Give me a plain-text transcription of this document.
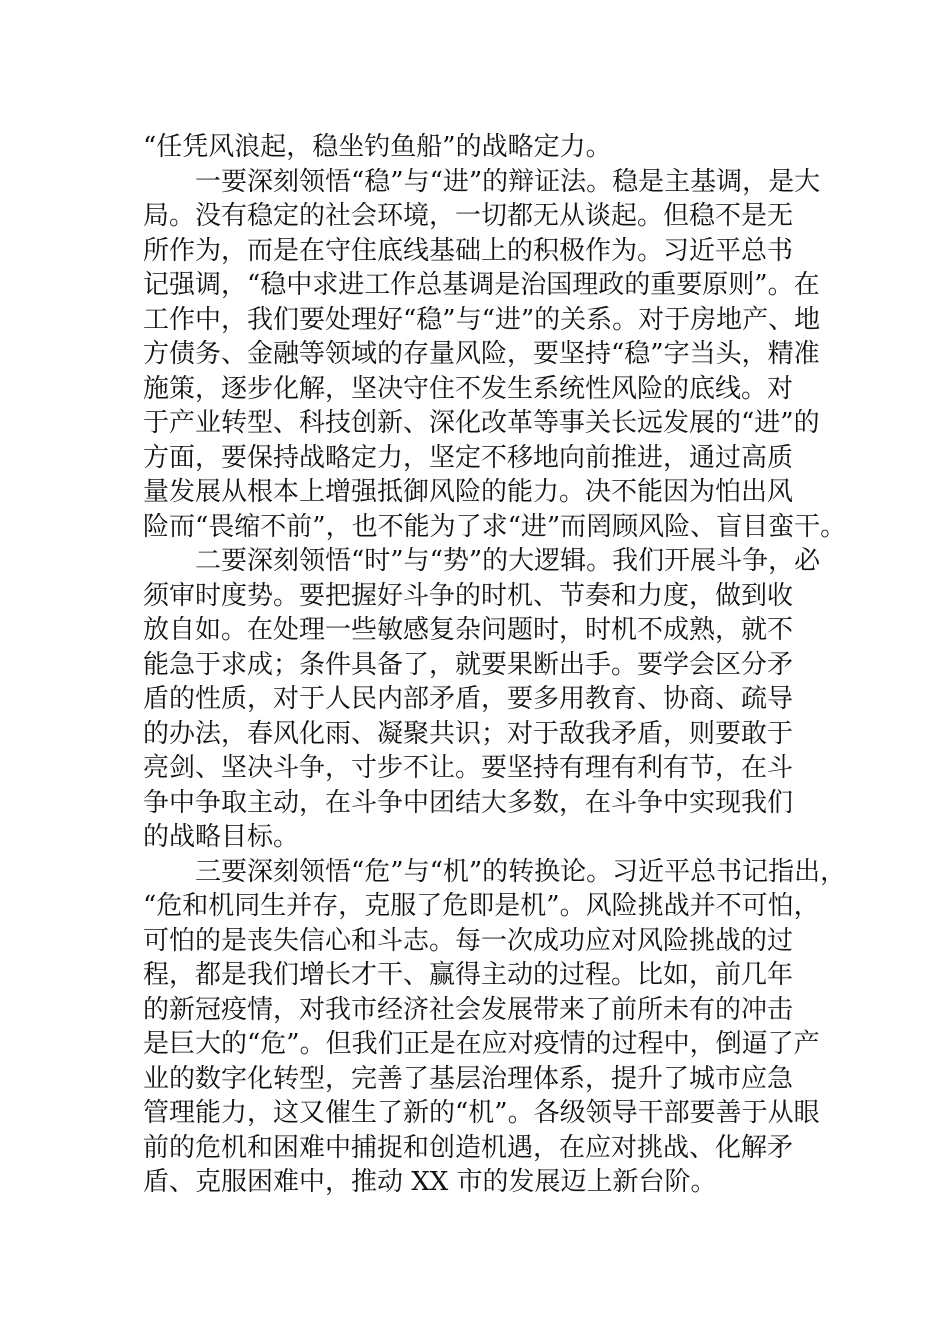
“任凭风浪起，稳坐钓鱼船”的战略定力。
一要深刻领悟“稳”与“进”的辩证法。稳是主基调，是大
局。没有稳定的社会环境，一切都无从谈起。但稳不是无
所作为，而是在守住底线基础上的积极作为。习近平总书
记强调，“稳中求进工作总基调是治国理政的重要原则”。在
工作中，我们要处理好“稳”与“进”的关系。对于房地产、地
方债务、金融等领域的存量风险，要坚持“稳”字当头，精准
施策，逐步化解，坚决守住不发生系统性风险的底线。对
于产业转型、科技创新、深化改革等事关长远发展的“进”的
方面，要保持战略定力，坚定不移地向前推进，通过高质
量发展从根本上增强抵御风险的能力。决不能因为怕出风
险而“畏缩不前”，也不能为了求“进”而罔顾风险、盲目蛮干。
二要深刻领悟“时”与“势”的大逻辑。我们开展斗争，必
须审时度势。要把握好斗争的时机、节奏和力度，做到收
放自如。在处理一些敏感复杂问题时，时机不成熟，就不
能急于求成；条件具备了，就要果断出手。要学会区分矛
盾的性质，对于人民内部矛盾，要多用教育、协商、疏导
的办法，春风化雨、凝聚共识；对于敌我矛盾，则要敢于
亮剑、坚决斗争，寸步不让。要坚持有理有利有节，在斗
争中争取主动，在斗争中团结大多数，在斗争中实现我们
的战略目标。
三要深刻领悟“危”与“机”的转换论。习近平总书记指出，
“危和机同生并存，克服了危即是机”。风险挑战并不可怕，
可怕的是丧失信心和斗志。每一次成功应对风险挑战的过
程，都是我们增长才干、赢得主动的过程。比如，前几年
的新冠疫情，对我市经济社会发展带来了前所未有的冲击
是巨大的“危”。但我们正是在应对疫情的过程中，倒逼了产
业的数字化转型，完善了基层治理体系，提升了城市应急
管理能力，这又催生了新的“机”。各级领导干部要善于从眼
前的危机和困难中捕捉和创造机遇，在应对挑战、化解矛
盾、克服困难中，推动 XX 市的发展迈上新台阶。
